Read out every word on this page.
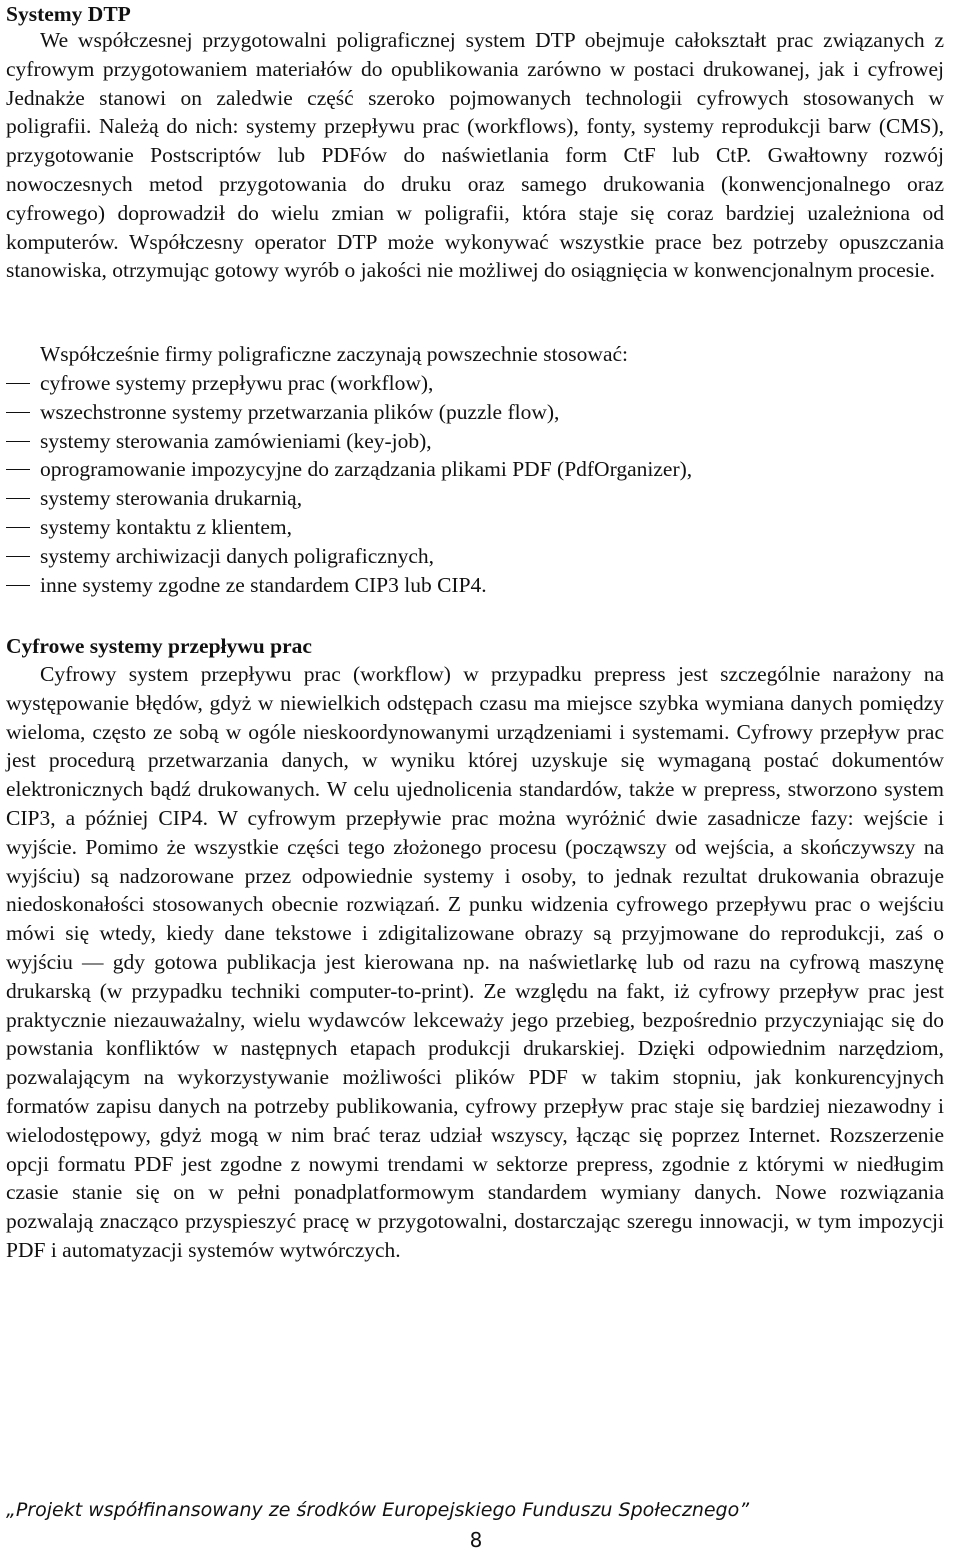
Systemy DTP

We współczesnej przygotowalni poligraficznej system DTP obejmuje całokształt prac związanych z cyfrowym przygotowaniem materiałów do opublikowania zarówno w postaci drukowanej, jak i cyfrowej Jednakże stanowi on zaledwie część szeroko pojmowanych technologii cyfrowych stosowanych w poligrafii. Należą do nich: systemy przepływu prac (workflows), fonty, systemy reprodukcji barw (CMS), przygotowanie Postscriptów lub PDFów do naświetlania form CtF lub CtP. Gwałtowny rozwój nowoczesnych metod przygotowania do druku oraz samego drukowania (konwencjonalnego oraz cyfrowego) doprowadził do wielu zmian w poligrafii, która staje się coraz bardziej uzależniona od komputerów. Współczesny operator DTP może wykonywać wszystkie prace bez potrzeby opuszczania stanowiska, otrzymując gotowy wyrób o jakości nie możliwej do osiągnięcia w konwencjonalnym procesie.

Współcześnie firmy poligraficzne zaczynają powszechnie stosować:

cyfrowe systemy przepływu prac (workflow),
wszechstronne systemy przetwarzania plików (puzzle flow),
systemy sterowania zamówieniami (key-job),
oprogramowanie impozycyjne do zarządzania plikami PDF (PdfOrganizer),
systemy sterowania drukarnią,
systemy kontaktu z klientem,
systemy archiwizacji danych poligraficznych,
inne systemy zgodne ze standardem CIP3 lub CIP4.
Cyfrowe systemy przepływu prac

Cyfrowy system przepływu prac (workflow) w przypadku prepress jest szczególnie narażony na występowanie błędów, gdyż w niewielkich odstępach czasu ma miejsce szybka wymiana danych pomiędzy wieloma, często ze sobą w ogóle nieskoordynowanymi urządzeniami i systemami. Cyfrowy przepływ prac jest procedurą przetwarzania danych, w wyniku której uzyskuje się wymaganą postać dokumentów elektronicznych bądź drukowanych. W celu ujednolicenia standardów, także w prepress, stworzono system CIP3, a później CIP4. W cyfrowym przepływie prac można wyróżnić dwie zasadnicze fazy: wejście i wyjście. Pomimo że wszystkie części tego złożonego procesu (począwszy od wejścia, a skończywszy na wyjściu) są nadzorowane przez odpowiednie systemy i osoby, to jednak rezultat drukowania obrazuje niedoskonałości stosowanych obecnie rozwiązań. Z punku widzenia cyfrowego przepływu prac o wejściu mówi się wtedy, kiedy dane tekstowe i zdigitalizowane obrazy są przyjmowane do reprodukcji, zaś o wyjściu — gdy gotowa publikacja jest kierowana np. na naświetlarkę lub od razu na cyfrową maszynę drukarską (w przypadku techniki computer-to-print). Ze względu na fakt, iż cyfrowy przepływ prac jest praktycznie niezauważalny, wielu wydawców lekceważy jego przebieg, bezpośrednio przyczyniając się do powstania konfliktów w następnych etapach produkcji drukarskiej. Dzięki odpowiednim narzędziom, pozwalającym na wykorzystywanie możliwości plików PDF w takim stopniu, jak konkurencyjnych formatów zapisu danych na potrzeby publikowania, cyfrowy przepływ prac staje się bardziej niezawodny i wielodostępowy, gdyż mogą w nim brać teraz udział wszyscy, łącząc się poprzez Internet. Rozszerzenie opcji formatu PDF jest zgodne z nowymi trendami w sektorze prepress, zgodnie z którymi w niedługim czasie stanie się on w pełni ponadplatformowym standardem wymiany danych. Nowe rozwiązania pozwalają znacząco przyspieszyć pracę w przygotowalni, dostarczając szeregu innowacji, w tym impozycji PDF i automatyzacji systemów wytwórczych.

„Projekt współfinansowany ze środków Europejskiego Funduszu Społecznego”

8
